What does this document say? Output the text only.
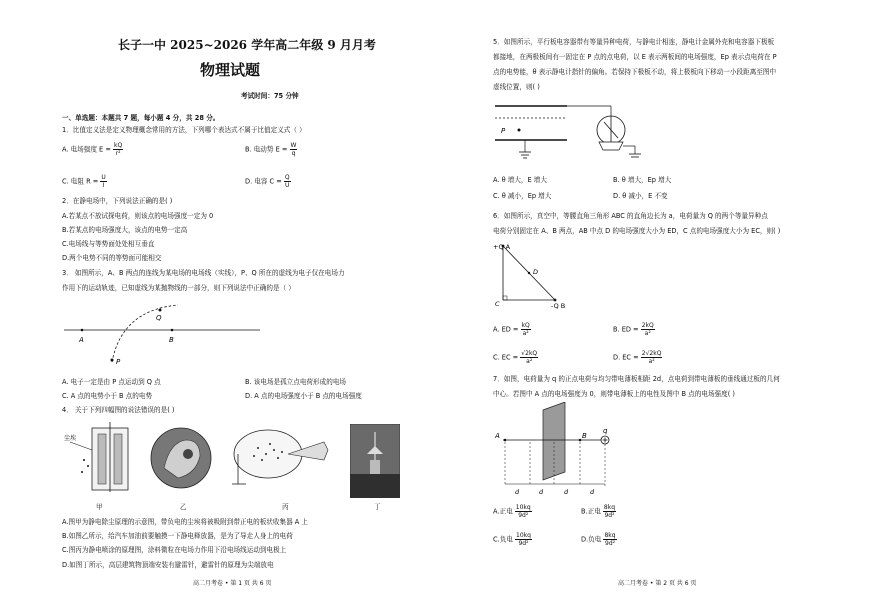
长子一中 2025~2026 学年高二年级 9 月月考
物理试题
考试时间：75 分钟
一、单选题：本题共 7 题，每小题 4 分，共 28 分。
1．比值定义法是定义物理概念常用的方法，下列哪个表达式不属于比值定义式（ ）
A. 电场强度 $E = \frac{kQ}{\text{r²}}$	B. 电动势 $E = \frac{W}{q}$
C. 电阻 $R = \frac{U}{I}$	D. 电容 $C = \frac{Q}{U}$
2．在静电场中，下列说法正确的是( )
A.若某点不放试探电荷，则该点的电场强度一定为 0
B.若某点的电场强度大，该点的电势一定高
C.电场线与等势面处处相互垂直
D.两个电势不同的等势面可能相交
3． 如图所示，A、B 两点的连线为某电场的电场线（实线），P、Q 所在的虚线为电子仅在电场力
作用下的运动轨迹，已知虚线为某抛物线的一部分，则下列说法中正确的是（ ）
A	B
P
Q
A. 电子一定是由 P 点运动到 Q 点	B. 该电场是孤立点电荷形成的电场
C. A 点的电势小于 B 点的电势	D. A 点的电场强度小于 B 点的电场强度
4． 关于下列四幅图的说法错误的是( )
尘埃
甲	乙	丙	丁
A.图甲为静电除尘原理的示意图，带负电的尘埃将被吸附到带正电的板状收集器 A 上
B.如图乙所示，给汽车加油前要触摸一下静电释放器，是为了导走人身上的电荷
C.图丙为静电喷涂的原理图，涂料微粒在电场力作用下沿电场线运动到电极上
D.如图丁所示，高层建筑物顶端安装有避雷针，避雷针的原理为尖端放电
高二月考卷 • 第 1 页 共 6 页
5．如图所示，平行板电容器带有等量异种电荷，与静电计相连，静电计金属外壳和电容器下极板
都接地，在两极板间有一固定在 P 点的点电荷，以 E 表示两板间的电场强度，Ep 表示点电荷在 P
点的电势能，θ 表示静电计指针的偏角。若保持下极板不动，将上极板向下移动一小段距离至图中
虚线位置，则( )
P
A. θ 增大，E 增大	B. θ 增大，Ep 增大
C. θ 减小，Ep 增大	D. θ 减小，E 不变
6．如图所示，真空中，等腰直角三角形 ABC 的直角边长为 a，电荷量为 Q 的两个等量异种点
电荷分别固定在 A、B 两点，AB 中点 D 的电场强度大小为 ED，C 点的电场强度大小为 EC，则( )
+Q A
-Q B
C
D
A. ED = $\frac{kQ}{\text{a²}}$	B. ED = $\frac{2kQ}{\text{a²}}$
C. EC = $\frac{√2kQ}{\text{a²}}$	D. EC = $\frac{2√2kQ}{\text{a²}}$
7．如图，电荷量为 q 的正点电荷与均匀带电薄板相距 2d，点电荷到带电薄板的垂线通过板的几何
中心。若图中 A 点的电场强度为 0，则带电薄板上的电性及图中 B 点的电场强度( )
A	B
q
d	d	d	d
A.正电 $\frac{10kq}{\text{9d²}}$	B.正电 $\frac{8kq}{\text{9d²}}$
C.负电 $\frac{10kq}{\text{9d²}}$	D.负电 $\frac{8kq}{\text{9d²}}$
高二月考卷 • 第 2 页 共 6 页
